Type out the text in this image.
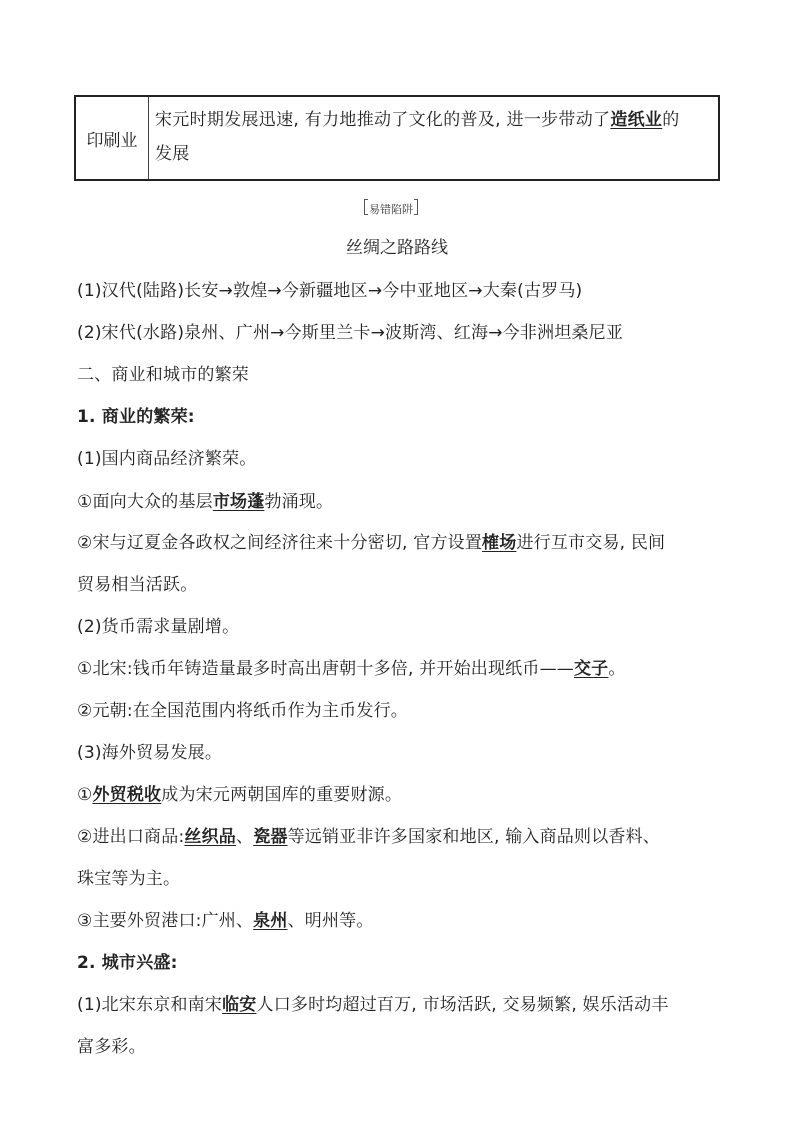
印刷业
宋元时期发展迅速, 有力地推动了文化的普及, 进一步带动了造纸业的
发展
易错陷阱
丝绸之路路线
(1)汉代(陆路)长安→敦煌→今新疆地区→今中亚地区→大秦(古罗马)
(2)宋代(水路)泉州、广州→今斯里兰卡→波斯湾、红海→今非洲坦桑尼亚
二、商业和城市的繁荣
1. 商业的繁荣:
(1)国内商品经济繁荣。
①面向大众的基层市场蓬勃涌现。
②宋与辽夏金各政权之间经济往来十分密切, 官方设置榷场进行互市交易, 民间
贸易相当活跃。
(2)货币需求量剧增。
①北宋:钱币年铸造量最多时高出唐朝十多倍, 并开始出现纸币——交子。
②元朝:在全国范围内将纸币作为主币发行。
(3)海外贸易发展。
①外贸税收成为宋元两朝国库的重要财源。
②进出口商品:丝织品、瓷器等远销亚非许多国家和地区, 输入商品则以香料、
珠宝等为主。
③主要外贸港口:广州、泉州、明州等。
2. 城市兴盛:
(1)北宋东京和南宋临安人口多时均超过百万, 市场活跃, 交易频繁, 娱乐活动丰
富多彩。
